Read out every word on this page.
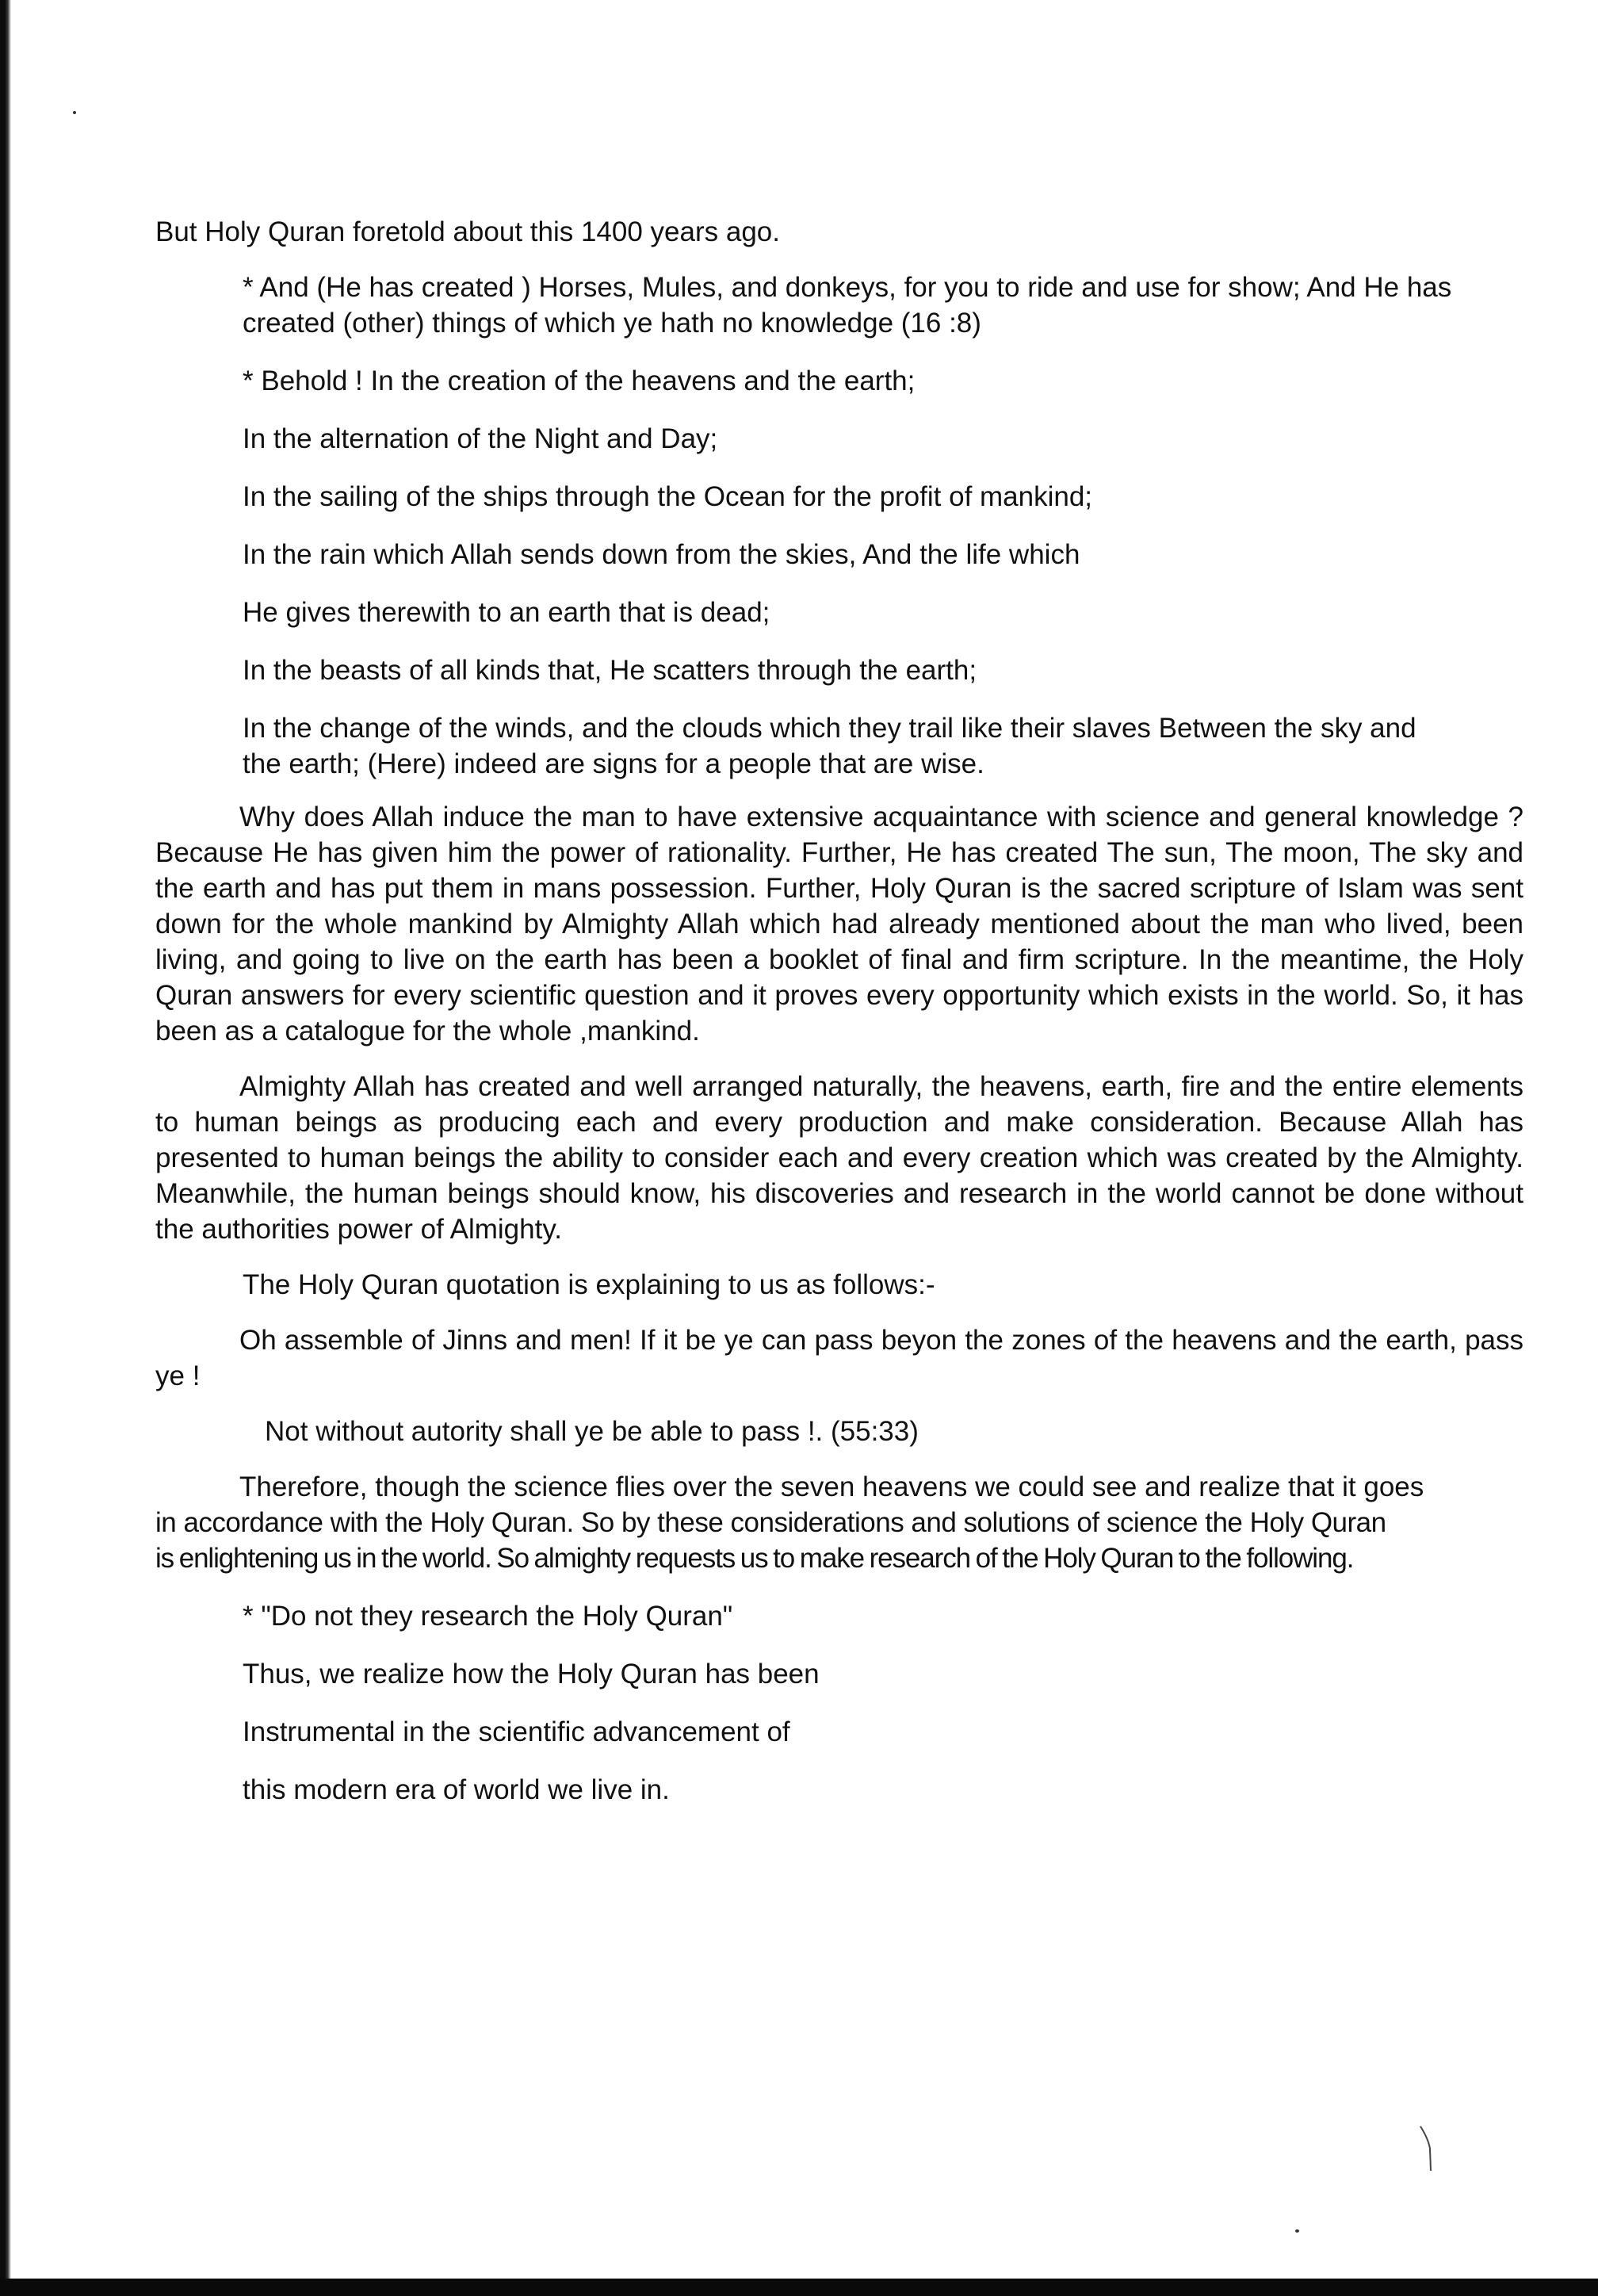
But Holy Quran foretold about this 1400 years ago.

* And (He has created ) Horses, Mules, and donkeys, for you to ride and use for show; And He has

created (other) things of which ye hath no knowledge (16 :8)

* Behold ! In the creation of the heavens and the earth;

In the alternation of the Night and Day;

In the sailing of the ships through the Ocean for the profit of mankind;

In the rain which Allah sends down from the skies, And the life which

He gives therewith to an earth that is dead;

In the beasts of all kinds that, He scatters through the earth;

In the change of the winds, and the clouds which they trail like their slaves Between the sky and

the earth; (Here) indeed are signs for a people that are wise.

Why does Allah induce the man to have extensive acquaintance with science and general knowledge ? Because He has given him the power of rationality. Further, He has created The sun, The moon, The sky and the earth and has put them in mans possession. Further, Holy Quran is the sacred scripture of Islam was sent down for the whole mankind by Almighty Allah which had already mentioned about the man who lived, been living, and going to live on the earth has been a booklet of final and firm scripture. In the meantime, the Holy Quran answers for every scientific question and it proves every opportunity which exists in the world. So, it has been as a catalogue for the whole ,mankind.

Almighty Allah has created and well arranged naturally, the heavens, earth, fire and the entire elements to human beings as producing each and every production and make consideration. Because Allah has presented to human beings the ability to consider each and every creation which was created by the Almighty. Meanwhile, the human beings should know, his discoveries and research in the world cannot be done without the authorities power of Almighty.

The Holy Quran quotation is explaining to us as follows:-

Oh assemble of Jinns and men! If it be ye can pass beyon the zones of the heavens and the earth, pass ye !

Not without autority shall ye be able to pass !. (55:33)

Therefore, though the science flies over the seven heavens we could see and realize that it goes

in accordance with the Holy Quran. So by these considerations and solutions of science the Holy Quran

is enlightening us in the world. So almighty requests us to make research of the Holy Quran to the following.

* "Do not they research the Holy Quran"

Thus, we realize how the Holy Quran has been

Instrumental in the scientific advancement of

this modern era of world we live in.
